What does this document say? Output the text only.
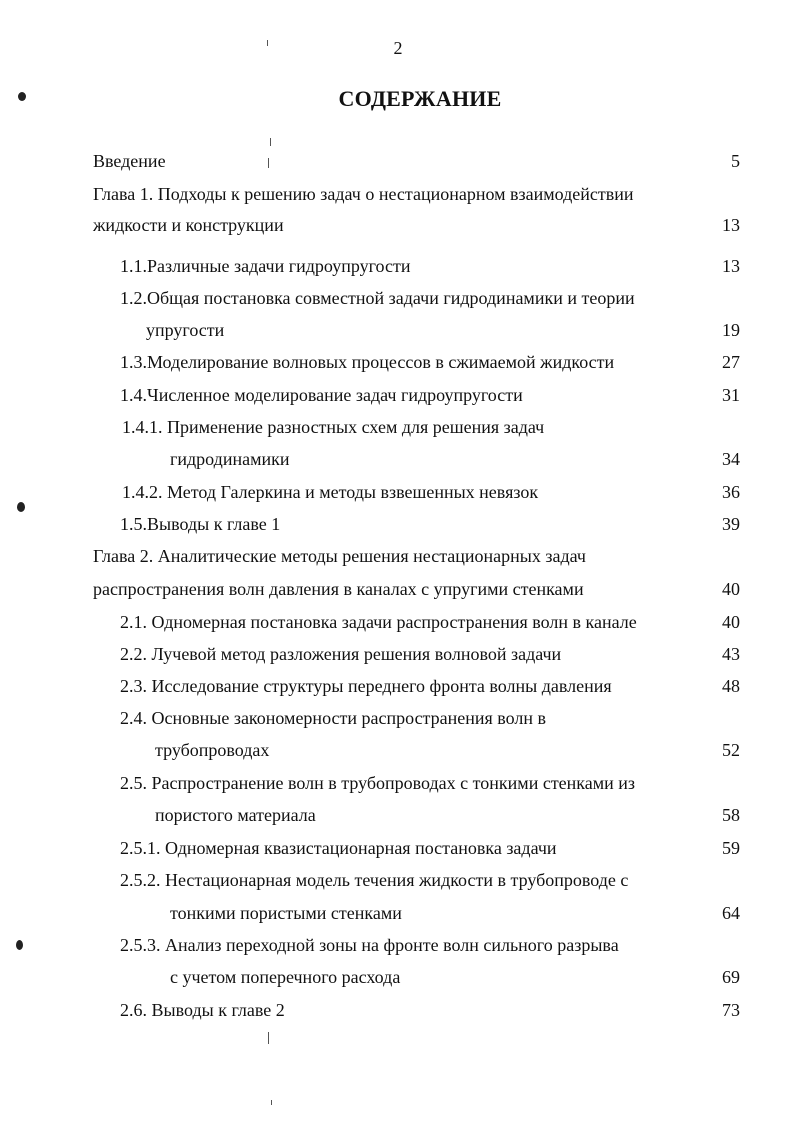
2
СОДЕРЖАНИЕ
Введение	5
Глава 1. Подходы к решению задач о нестационарном взаимодействии
жидкости и конструкции	13
1.1.Различные задачи гидроупругости	13
1.2.Общая постановка совместной задачи гидродинамики и теории
упругости	19
1.3.Моделирование волновых процессов в сжимаемой жидкости	27
1.4.Численное моделирование задач гидроупругости	31
1.4.1. Применение разностных схем для решения задач
гидродинамики	34
1.4.2. Метод Галеркина и методы взвешенных невязок	36
1.5.Выводы к главе 1	39
Глава 2. Аналитические методы решения нестационарных задач
распространения волн давления в каналах с упругими стенками	40
2.1. Одномерная постановка задачи распространения волн в канале	40
2.2. Лучевой метод разложения решения волновой задачи	43
2.3. Исследование структуры переднего фронта волны давления	48
2.4. Основные закономерности распространения волн в
трубопроводах	52
2.5. Распространение волн в трубопроводах с тонкими стенками из
пористого материала	58
2.5.1. Одномерная квазистационарная постановка задачи	59
2.5.2. Нестационарная модель течения жидкости в трубопроводе с
тонкими пористыми стенками	64
2.5.3. Анализ переходной зоны на фронте волн сильного разрыва
с учетом поперечного расхода	69
2.6. Выводы к главе 2	73
